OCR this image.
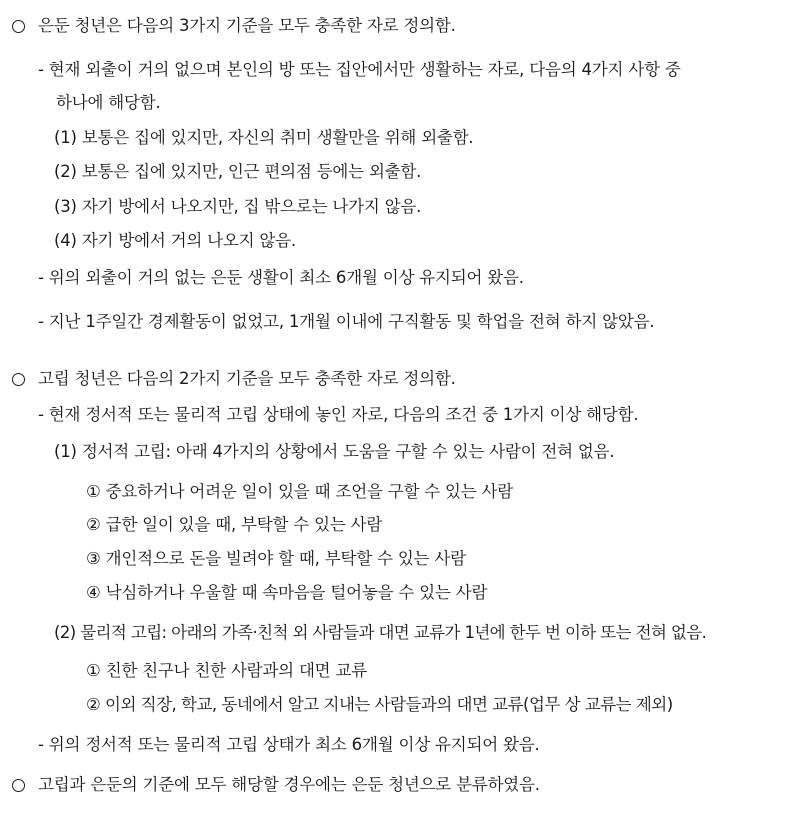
은둔 청년은 다음의 3가지 기준을 모두 충족한 자로 정의함.
- 현재 외출이 거의 없으며 본인의 방 또는 집안에서만 생활하는 자로, 다음의 4가지 사항 중
하나에 해당함.
(1) 보통은 집에 있지만, 자신의 취미 생활만을 위해 외출함.
(2) 보통은 집에 있지만, 인근 편의점 등에는 외출함.
(3) 자기 방에서 나오지만, 집 밖으로는 나가지 않음.
(4) 자기 방에서 거의 나오지 않음.
- 위의 외출이 거의 없는 은둔 생활이 최소 6개월 이상 유지되어 왔음.
- 지난 1주일간 경제활동이 없었고, 1개월 이내에 구직활동 및 학업을 전혀 하지 않았음.
고립 청년은 다음의 2가지 기준을 모두 충족한 자로 정의함.
- 현재 정서적 또는 물리적 고립 상태에 놓인 자로, 다음의 조건 중 1가지 이상 해당함.
(1) 정서적 고립: 아래 4가지의 상황에서 도움을 구할 수 있는 사람이 전혀 없음.
① 중요하거나 어려운 일이 있을 때 조언을 구할 수 있는 사람
② 급한 일이 있을 때, 부탁할 수 있는 사람
③ 개인적으로 돈을 빌려야 할 때, 부탁할 수 있는 사람
④ 낙심하거나 우울할 때 속마음을 털어놓을 수 있는 사람
(2) 물리적 고립: 아래의 가족·친척 외 사람들과 대면 교류가 1년에 한두 번 이하 또는 전혀 없음.
① 친한 친구나 친한 사람과의 대면 교류
② 이외 직장, 학교, 동네에서 알고 지내는 사람들과의 대면 교류(업무 상 교류는 제외)
- 위의 정서적 또는 물리적 고립 상태가 최소 6개월 이상 유지되어 왔음.
고립과 은둔의 기준에 모두 해당할 경우에는 은둔 청년으로 분류하였음.
